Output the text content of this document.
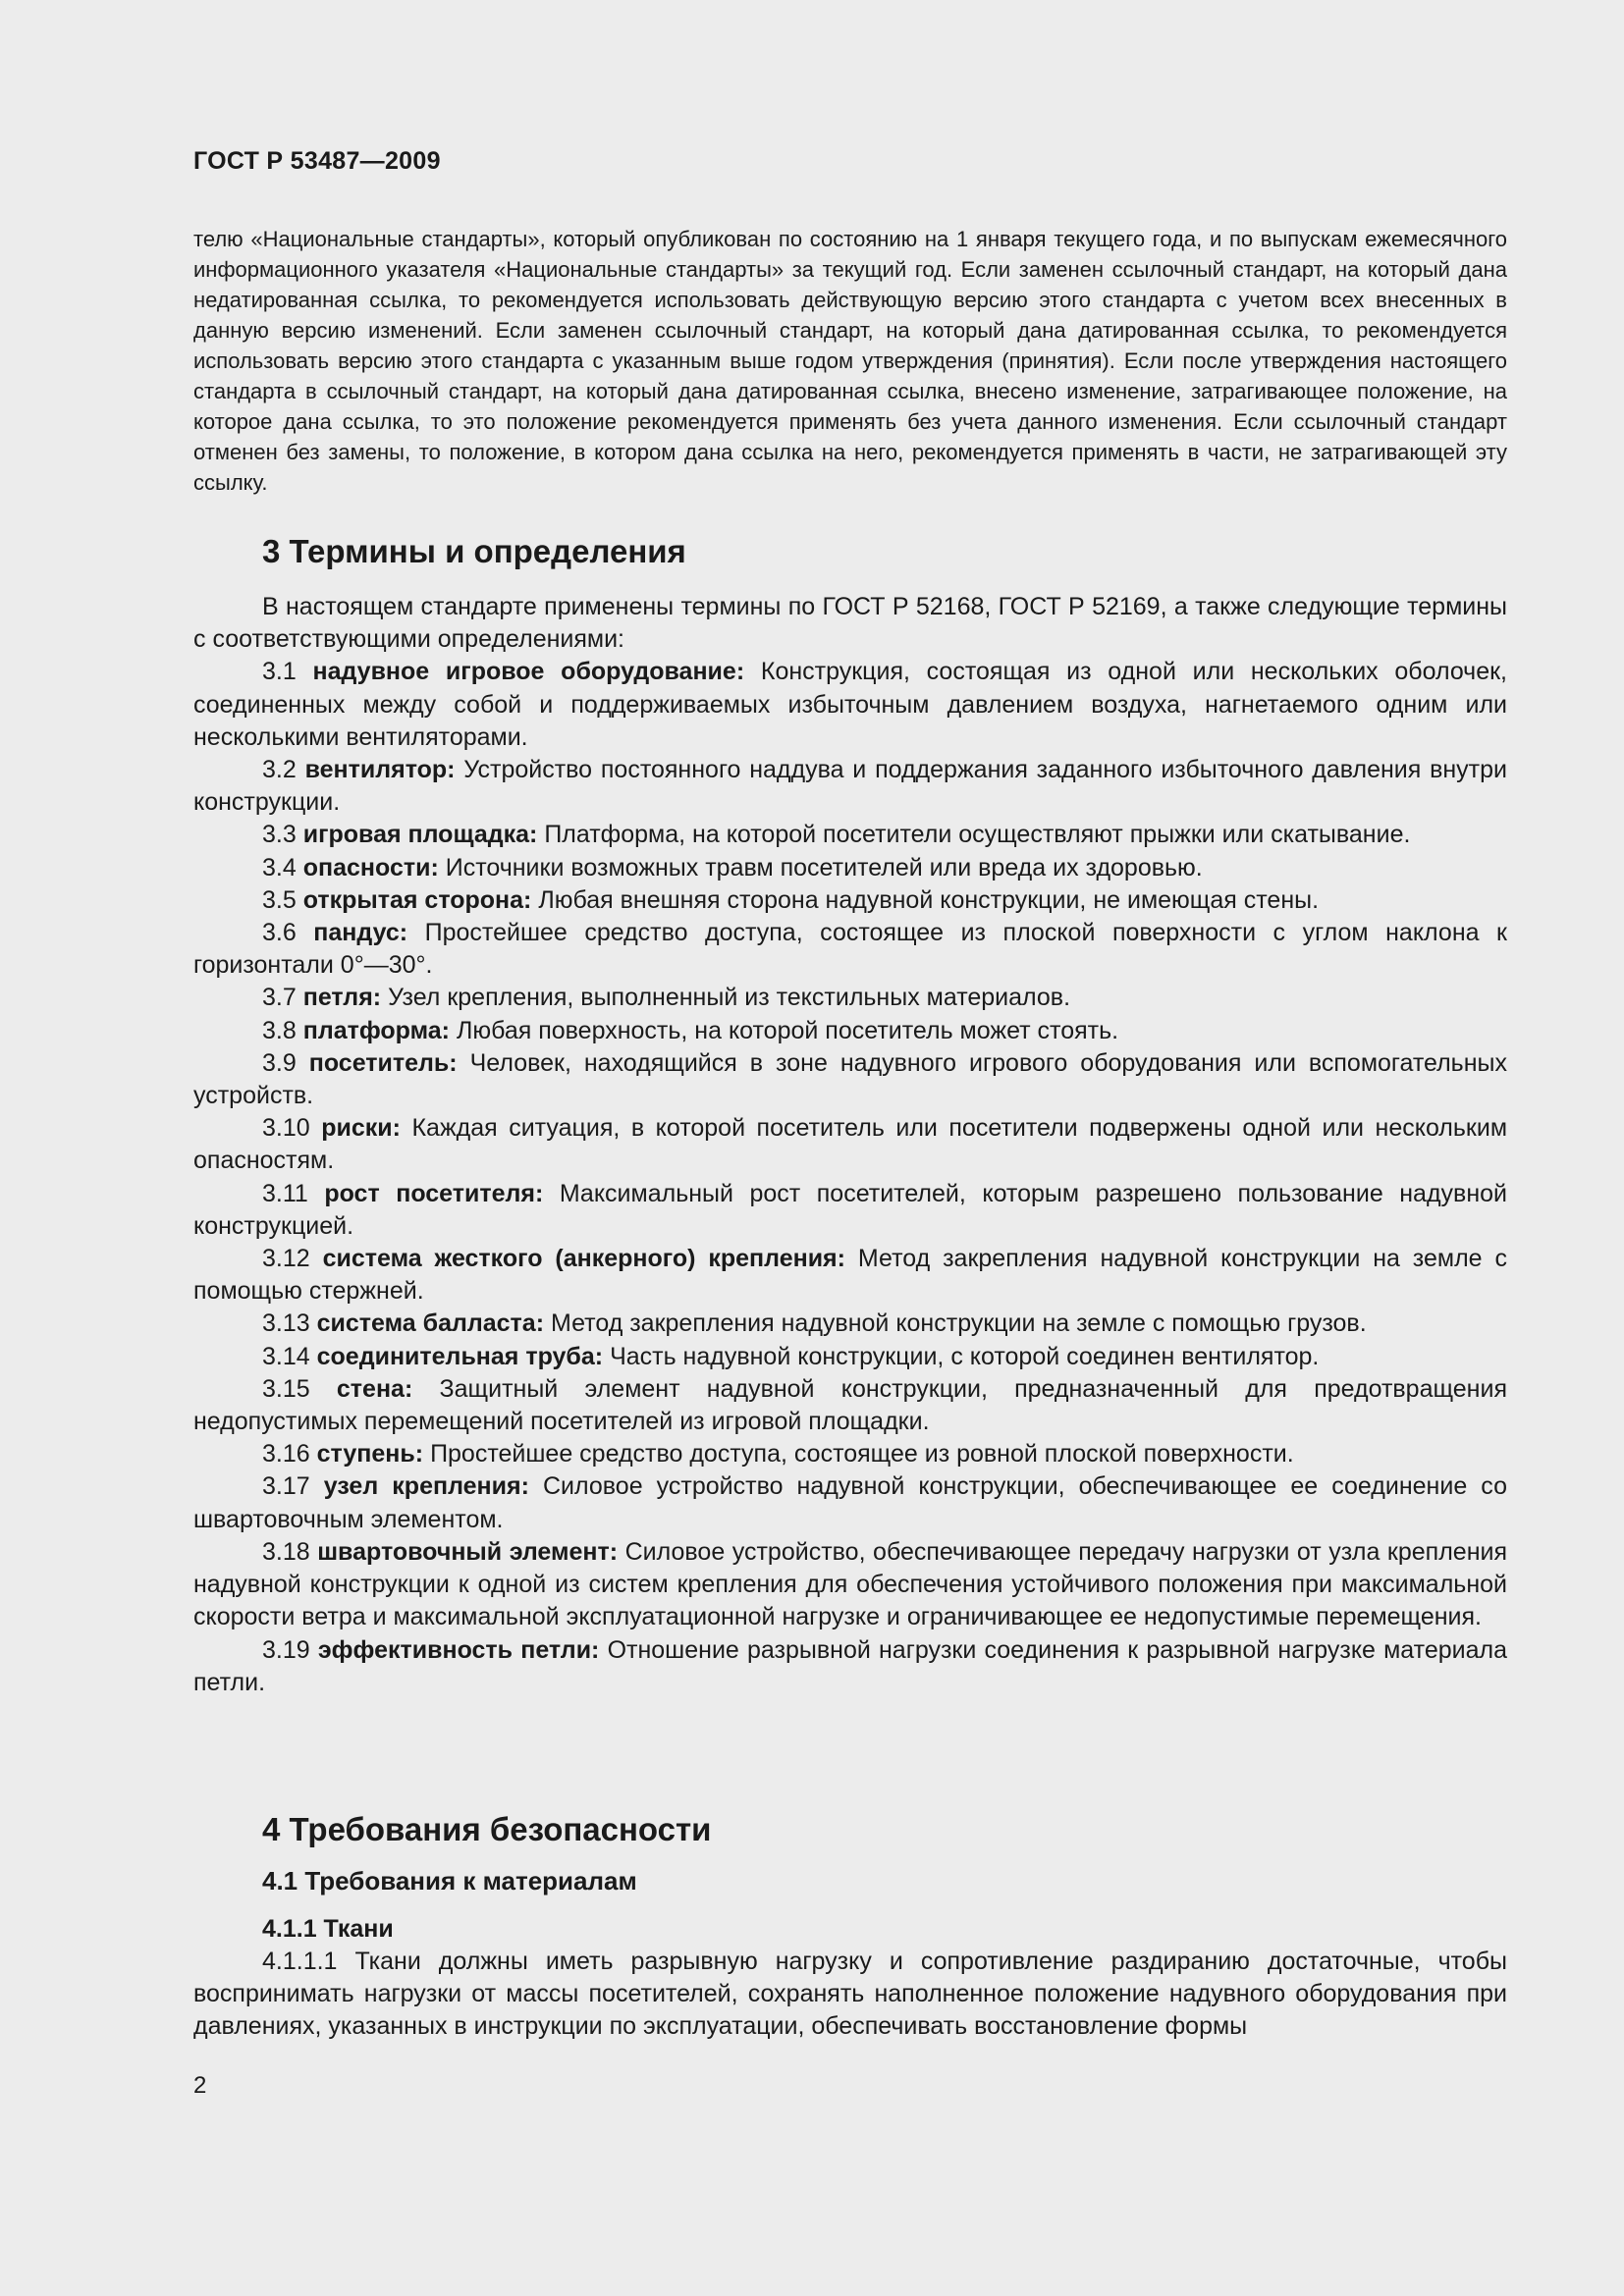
ГОСТ Р 53487—2009

телю «Национальные стандарты», который опубликован по состоянию на 1 января текущего года, и по выпускам ежемесячного информационного указателя «Национальные стандарты» за текущий год. Если заменен ссылочный стандарт, на который дана недатированная ссылка, то рекомендуется использовать действующую версию этого стандарта с учетом всех внесенных в данную версию изменений. Если заменен ссылочный стандарт, на который дана датированная ссылка, то рекомендуется использовать версию этого стандарта с указанным выше годом утверждения (принятия). Если после утверждения настоящего стандарта в ссылочный стандарт, на который дана датированная ссылка, внесено изменение, затрагивающее положение, на которое дана ссылка, то это положение рекомендуется применять без учета данного изменения. Если ссылочный стандарт отменен без замены, то положение, в котором дана ссылка на него, рекомендуется применять в части, не затрагивающей эту ссылку.

3 Термины и определения

В настоящем стандарте применены термины по ГОСТ Р 52168, ГОСТ Р 52169, а также следующие термины с соответствующими определениями:

3.1 надувное игровое оборудование: Конструкция, состоящая из одной или нескольких оболочек, соединенных между собой и поддерживаемых избыточным давлением воздуха, нагнетаемого одним или несколькими вентиляторами.

3.2 вентилятор: Устройство постоянного наддува и поддержания заданного избыточного давления внутри конструкции.

3.3 игровая площадка: Платформа, на которой посетители осуществляют прыжки или скатывание.

3.4 опасности: Источники возможных травм посетителей или вреда их здоровью.

3.5 открытая сторона: Любая внешняя сторона надувной конструкции, не имеющая стены.

3.6 пандус: Простейшее средство доступа, состоящее из плоской поверхности с углом наклона к горизонтали 0°—30°.

3.7 петля: Узел крепления, выполненный из текстильных материалов.

3.8 платформа: Любая поверхность, на которой посетитель может стоять.

3.9 посетитель: Человек, находящийся в зоне надувного игрового оборудования или вспомогательных устройств.

3.10 риски: Каждая ситуация, в которой посетитель или посетители подвержены одной или нескольким опасностям.

3.11 рост посетителя: Максимальный рост посетителей, которым разрешено пользование надувной конструкцией.

3.12 система жесткого (анкерного) крепления: Метод закрепления надувной конструкции на земле с помощью стержней.

3.13 система балласта: Метод закрепления надувной конструкции на земле с помощью грузов.

3.14 соединительная труба: Часть надувной конструкции, с которой соединен вентилятор.

3.15 стена: Защитный элемент надувной конструкции, предназначенный для предотвращения недопустимых перемещений посетителей из игровой площадки.

3.16 ступень: Простейшее средство доступа, состоящее из ровной плоской поверхности.

3.17 узел крепления: Силовое устройство надувной конструкции, обеспечивающее ее соединение со швартовочным элементом.

3.18 швартовочный элемент: Силовое устройство, обеспечивающее передачу нагрузки от узла крепления надувной конструкции к одной из систем крепления для обеспечения устойчивого положения при максимальной скорости ветра и максимальной эксплуатационной нагрузке и ограничивающее ее недопустимые перемещения.

3.19 эффективность петли: Отношение разрывной нагрузки соединения к разрывной нагрузке материала петли.

4 Требования безопасности
4.1 Требования к материалам
4.1.1 Ткани

4.1.1.1 Ткани должны иметь разрывную нагрузку и сопротивление раздиранию достаточные, чтобы воспринимать нагрузки от массы посетителей, сохранять наполненное положение надувного оборудования при давлениях, указанных в инструкции по эксплуатации, обеспечивать восстановление формы

2
